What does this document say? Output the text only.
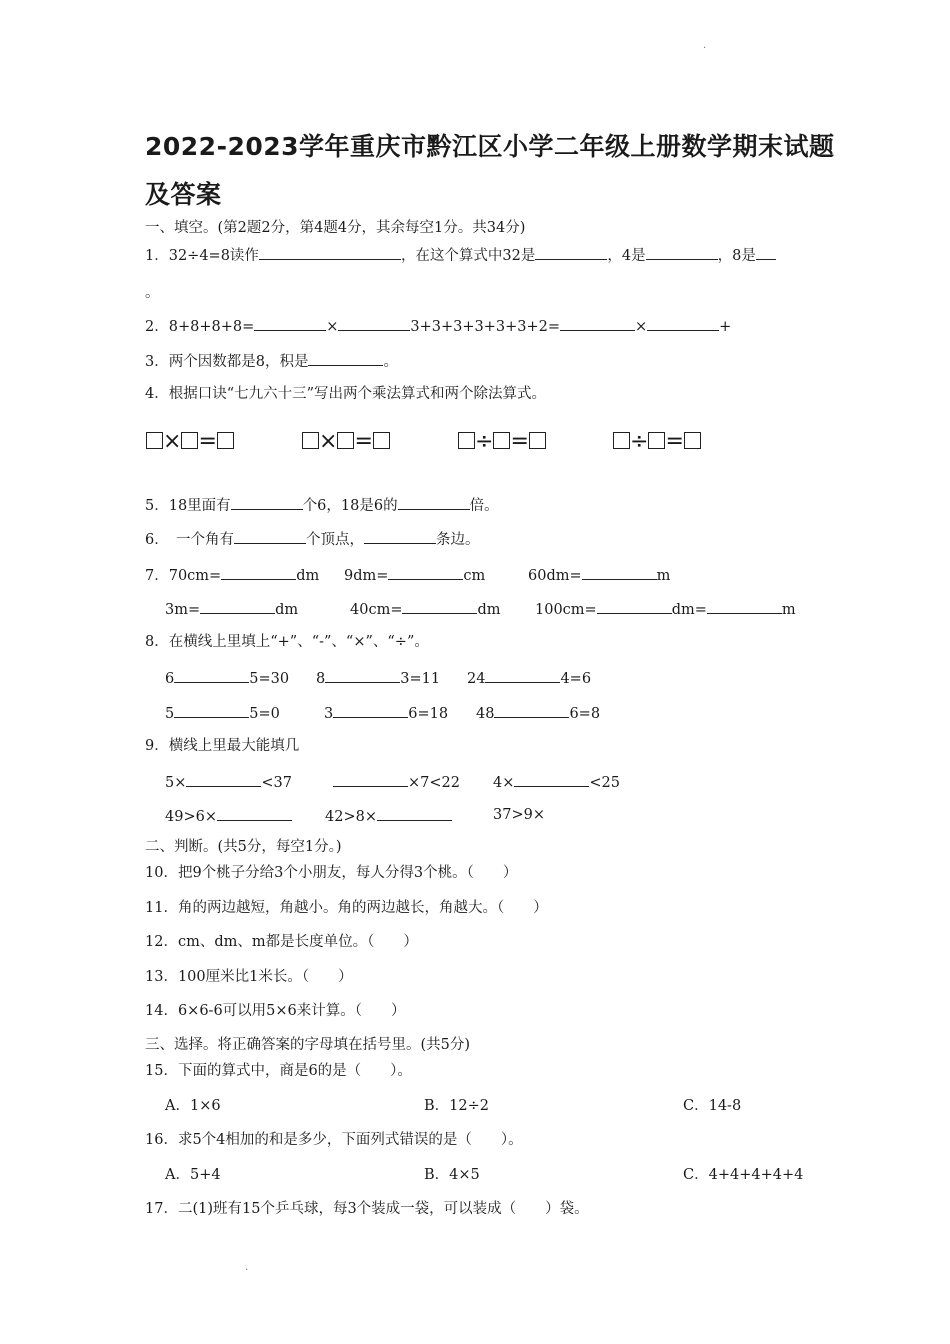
·
2022-2023学年重庆市黔江区小学二年级上册数学期末试题
及答案
一、填空。(第2题2分，第4题4分，其余每空1分。共34分)
1．32÷4=8读作	，在这个算式中32是	，4是	，8是
。
2．8+8+8+8=	×	3+3+3+3+3+3+2=	×	+
3．两个因数都是8，积是	。
4．根据口诀“七九六十三”写出两个乘法算式和两个除法算式。
× =	× =	÷ =	÷ =
5．18里面有	个6，18是6的	倍。
6．　一个角有	个顶点，	条边。
7．70cm=	dm 9dm=	cm	60dm=	m
3m=	dm	40cm=	dm 100cm=	dm=	m
8．在横线上里填上“+”、“-”、“×”、“÷”。
6	5=30 8	3=11 24	4=6
5	5=0	3	6=18 48	6=8
9．横线上里最大能填几
5×	<37	×7<22 4×	<25
49>6×	42>8×	37>9×
二、判断。(共5分，每空1分。)
10．把9个桃子分给3个小朋友，每人分得3个桃。（　　）
11．角的两边越短，角越小。角的两边越长，角越大。（　　）
12．cm、dm、m都是长度单位。（　　）
13．100厘米比1米长。（　　）
14．6×6-6可以用5×6来计算。（　　）
三、选择。将正确答案的字母填在括号里。(共5分)
15．下面的算式中，商是6的是（　　）。
A．1×6	B．12÷2	C．14-8
16．求5个4相加的和是多少，下面列式错误的是（　　）。
A．5+4	B．4×5	C．4+4+4+4+4
17．二(1)班有15个乒乓球，每3个装成一袋，可以装成（　　）袋。
·
